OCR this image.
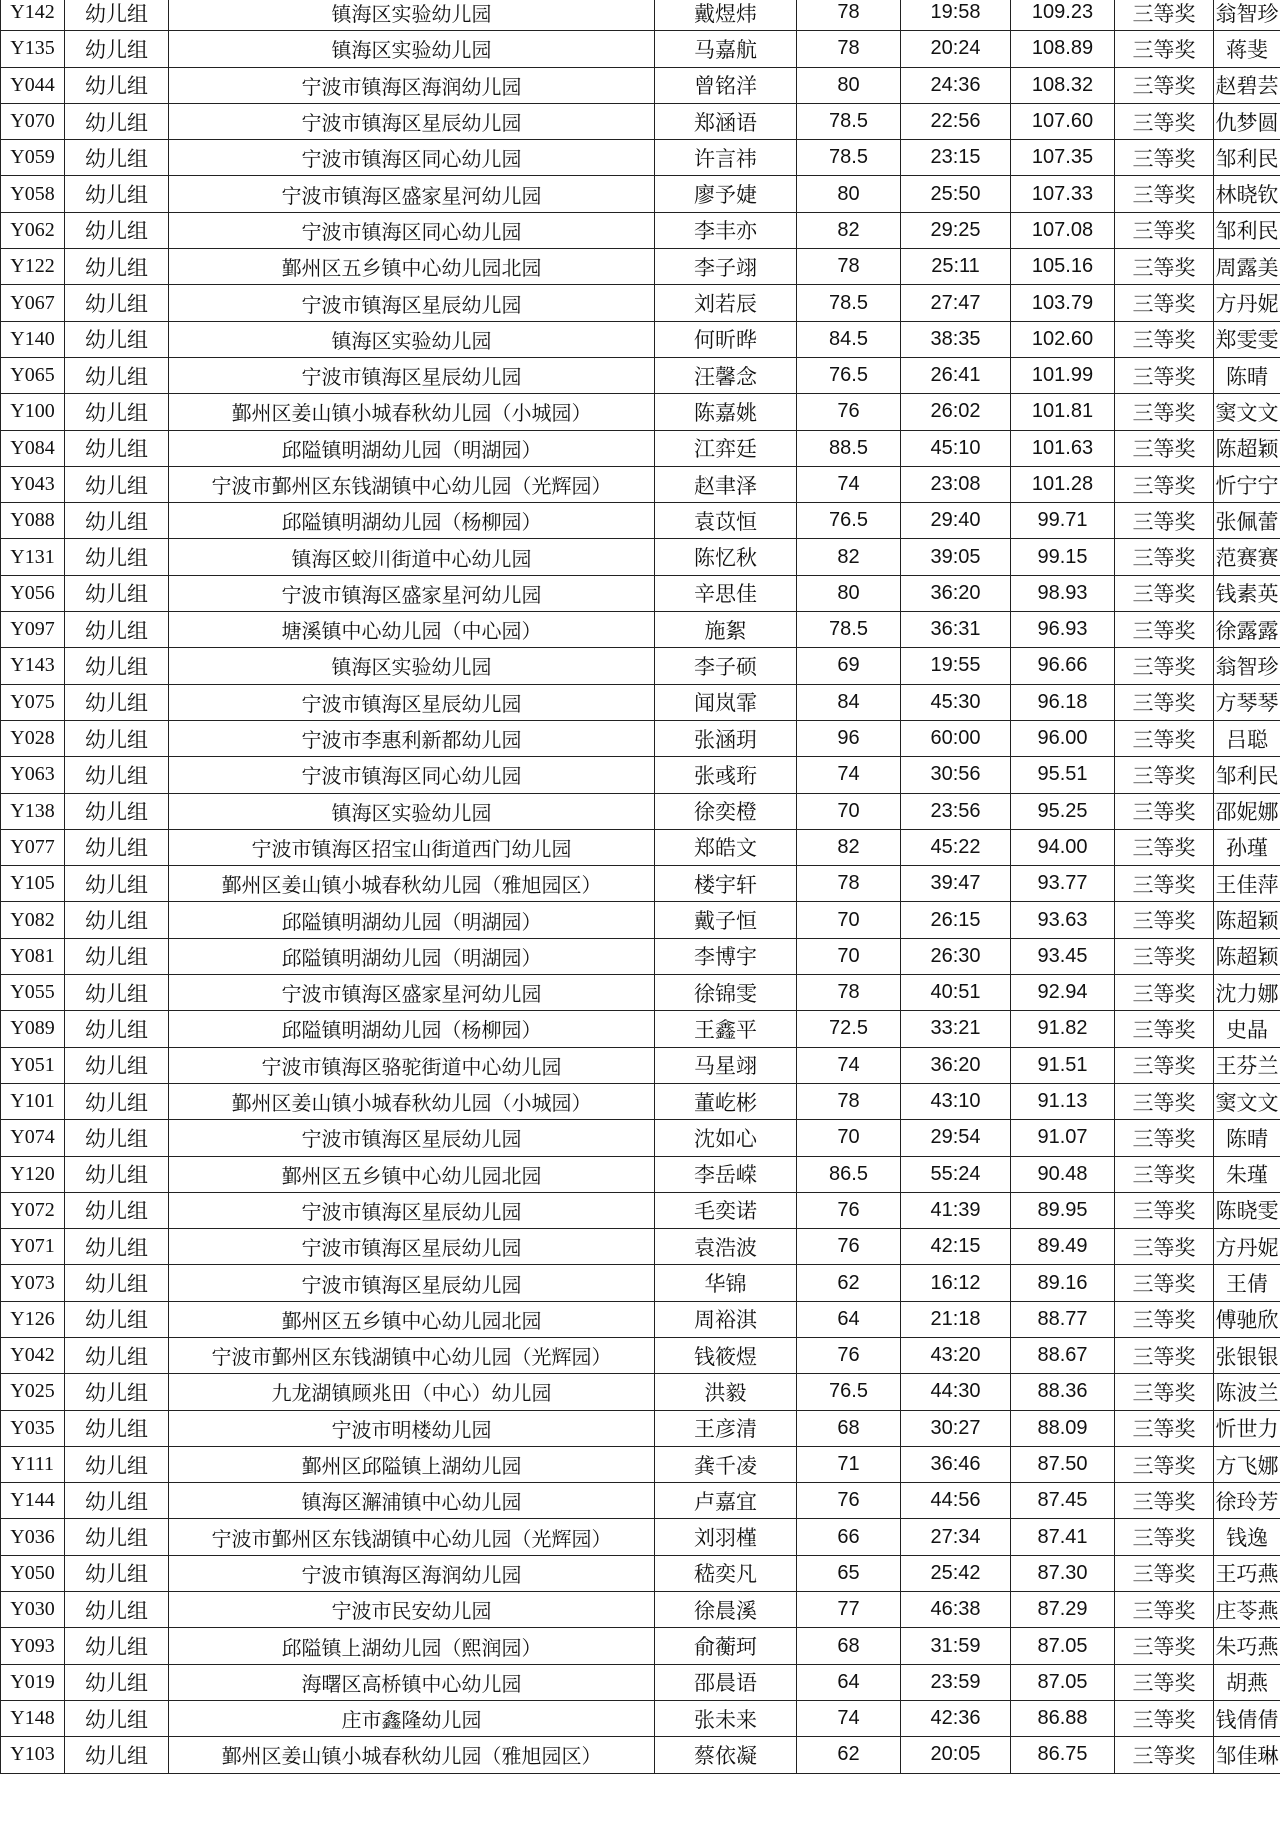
Y142	幼儿组	镇海区实验幼儿园	戴煜炜	78	19:58	109.23	三等奖	翁智珍
Y135	幼儿组	镇海区实验幼儿园	马嘉航	78	20:24	108.89	三等奖	蒋斐
Y044	幼儿组	宁波市镇海区海润幼儿园	曾铭洋	80	24:36	108.32	三等奖	赵碧芸
Y070	幼儿组	宁波市镇海区星辰幼儿园	郑涵语	78.5	22:56	107.60	三等奖	仇梦圆
Y059	幼儿组	宁波市镇海区同心幼儿园	许言祎	78.5	23:15	107.35	三等奖	邹利民
Y058	幼儿组	宁波市镇海区盛家星河幼儿园	廖予婕	80	25:50	107.33	三等奖	林晓钦
Y062	幼儿组	宁波市镇海区同心幼儿园	李丰亦	82	29:25	107.08	三等奖	邹利民
Y122	幼儿组	鄞州区五乡镇中心幼儿园北园	李子翊	78	25:11	105.16	三等奖	周露美
Y067	幼儿组	宁波市镇海区星辰幼儿园	刘若辰	78.5	27:47	103.79	三等奖	方丹妮
Y140	幼儿组	镇海区实验幼儿园	何昕晔	84.5	38:35	102.60	三等奖	郑雯雯
Y065	幼儿组	宁波市镇海区星辰幼儿园	汪馨念	76.5	26:41	101.99	三等奖	陈晴
Y100	幼儿组	鄞州区姜山镇小城春秋幼儿园（小城园）	陈嘉姚	76	26:02	101.81	三等奖	窦文文
Y084	幼儿组	邱隘镇明湖幼儿园（明湖园）	江弈廷	88.5	45:10	101.63	三等奖	陈超颖
Y043	幼儿组	宁波市鄞州区东钱湖镇中心幼儿园（光辉园）	赵聿泽	74	23:08	101.28	三等奖	忻宁宁
Y088	幼儿组	邱隘镇明湖幼儿园（杨柳园）	袁苡恒	76.5	29:40	99.71	三等奖	张佩蕾
Y131	幼儿组	镇海区蛟川街道中心幼儿园	陈忆秋	82	39:05	99.15	三等奖	范赛赛
Y056	幼儿组	宁波市镇海区盛家星河幼儿园	辛思佳	80	36:20	98.93	三等奖	钱素英
Y097	幼儿组	塘溪镇中心幼儿园（中心园）	施絮	78.5	36:31	96.93	三等奖	徐露露
Y143	幼儿组	镇海区实验幼儿园	李子硕	69	19:55	96.66	三等奖	翁智珍
Y075	幼儿组	宁波市镇海区星辰幼儿园	闻岚霏	84	45:30	96.18	三等奖	方琴琴
Y028	幼儿组	宁波市李惠利新都幼儿园	张涵玥	96	60:00	96.00	三等奖	吕聪
Y063	幼儿组	宁波市镇海区同心幼儿园	张彧珩	74	30:56	95.51	三等奖	邹利民
Y138	幼儿组	镇海区实验幼儿园	徐奕橙	70	23:56	95.25	三等奖	邵妮娜
Y077	幼儿组	宁波市镇海区招宝山街道西门幼儿园	郑皓文	82	45:22	94.00	三等奖	孙瑾
Y105	幼儿组	鄞州区姜山镇小城春秋幼儿园（雅旭园区）	楼宇轩	78	39:47	93.77	三等奖	王佳萍
Y082	幼儿组	邱隘镇明湖幼儿园（明湖园）	戴子恒	70	26:15	93.63	三等奖	陈超颖
Y081	幼儿组	邱隘镇明湖幼儿园（明湖园）	李博宇	70	26:30	93.45	三等奖	陈超颖
Y055	幼儿组	宁波市镇海区盛家星河幼儿园	徐锦雯	78	40:51	92.94	三等奖	沈力娜
Y089	幼儿组	邱隘镇明湖幼儿园（杨柳园）	王鑫平	72.5	33:21	91.82	三等奖	史晶
Y051	幼儿组	宁波市镇海区骆驼街道中心幼儿园	马星翊	74	36:20	91.51	三等奖	王芬兰
Y101	幼儿组	鄞州区姜山镇小城春秋幼儿园（小城园）	董屹彬	78	43:10	91.13	三等奖	窦文文
Y074	幼儿组	宁波市镇海区星辰幼儿园	沈如心	70	29:54	91.07	三等奖	陈晴
Y120	幼儿组	鄞州区五乡镇中心幼儿园北园	李岳嵘	86.5	55:24	90.48	三等奖	朱瑾
Y072	幼儿组	宁波市镇海区星辰幼儿园	毛奕诺	76	41:39	89.95	三等奖	陈晓雯
Y071	幼儿组	宁波市镇海区星辰幼儿园	袁浩波	76	42:15	89.49	三等奖	方丹妮
Y073	幼儿组	宁波市镇海区星辰幼儿园	华锦	62	16:12	89.16	三等奖	王倩
Y126	幼儿组	鄞州区五乡镇中心幼儿园北园	周裕淇	64	21:18	88.77	三等奖	傅驰欣
Y042	幼儿组	宁波市鄞州区东钱湖镇中心幼儿园（光辉园）	钱筱煜	76	43:20	88.67	三等奖	张银银
Y025	幼儿组	九龙湖镇顾兆田（中心）幼儿园	洪毅	76.5	44:30	88.36	三等奖	陈波兰
Y035	幼儿组	宁波市明楼幼儿园	王彦清	68	30:27	88.09	三等奖	忻世力
Y111	幼儿组	鄞州区邱隘镇上湖幼儿园	龚千凌	71	36:46	87.50	三等奖	方飞娜
Y144	幼儿组	镇海区澥浦镇中心幼儿园	卢嘉宜	76	44:56	87.45	三等奖	徐玲芳
Y036	幼儿组	宁波市鄞州区东钱湖镇中心幼儿园（光辉园）	刘羽槿	66	27:34	87.41	三等奖	钱逸
Y050	幼儿组	宁波市镇海区海润幼儿园	嵇奕凡	65	25:42	87.30	三等奖	王巧燕
Y030	幼儿组	宁波市民安幼儿园	徐晨溪	77	46:38	87.29	三等奖	庄苓燕
Y093	幼儿组	邱隘镇上湖幼儿园（熙润园）	俞蘅珂	68	31:59	87.05	三等奖	朱巧燕
Y019	幼儿组	海曙区高桥镇中心幼儿园	邵晨语	64	23:59	87.05	三等奖	胡燕
Y148	幼儿组	庄市鑫隆幼儿园	张未来	74	42:36	86.88	三等奖	钱倩倩
Y103	幼儿组	鄞州区姜山镇小城春秋幼儿园（雅旭园区）	蔡依凝	62	20:05	86.75	三等奖	邹佳琳
